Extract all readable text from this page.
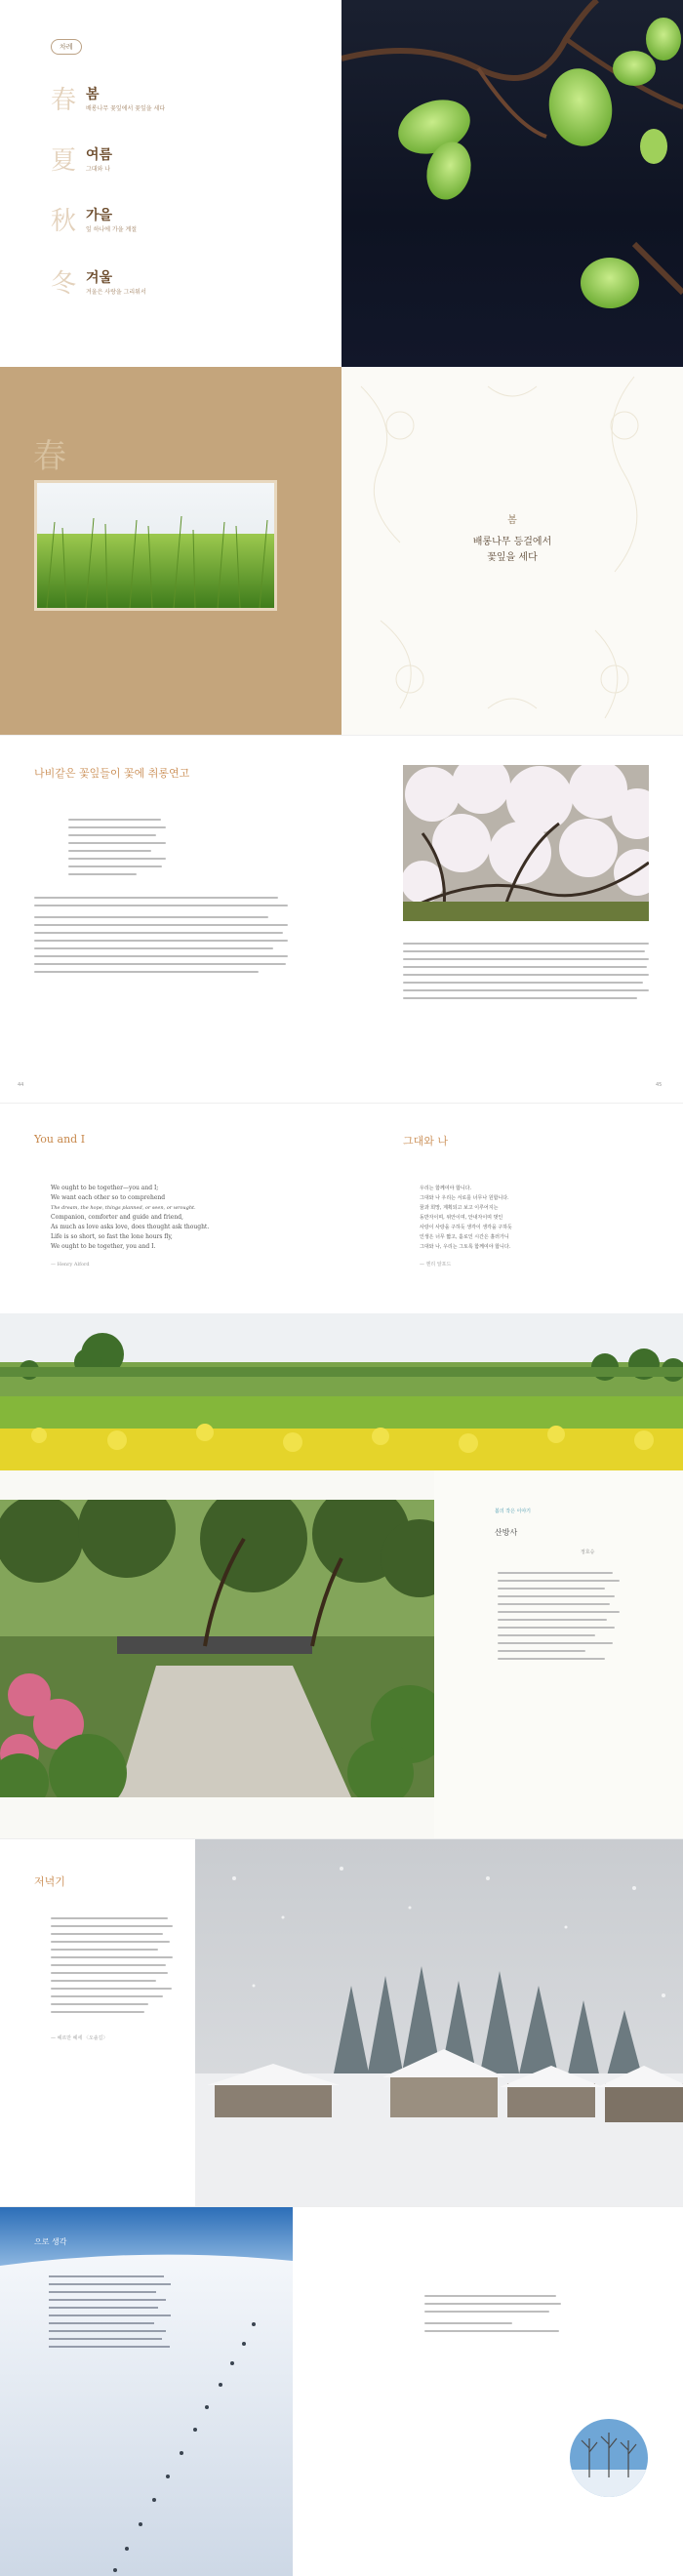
차례
春 봄
배롱나무 꽃잎에서 꽃잎을 세다
夏 여름
그대와 나
秋 가을
잎 하나에 가을 계절
冬 겨울
겨울은 사랑을 그리워서
春
봄
배롱나무 등걸에서
꽃잎을 세다
나비같은 꽃잎들이 꽃에 취롱연고
44	45
You and I	그대와 나
We ought to be together—you and I;
We want each other so to comprehend
The dream, the hope, things planned, or seen, or wrought.
Companion, comforter and guide and friend,
As much as love asks love, does thought ask thought.
Life is so short, so fast the lone hours fly,
We ought to be together, you and I.
— Henry Alford
우리는 함께여야 합니다.
그대와 나 우리는 서로를 너무나 원합니다.
꿈과 희망, 계획되고 보고 이루어지는
동반자이며, 위안이며, 안내자이며 벗인
사랑이 사랑을 구하듯 생각이 생각을 구하듯
인생은 너무 짧고, 홀로인 시간은 흘러가니
그대와 나, 우리는 그토록 함께여야 합니다.
— 헨리 알포드
봄의 작은 이야기
산방사
정호승
저녁기
— 헤르만 헤세 〈오솔길〉
으로 생각
